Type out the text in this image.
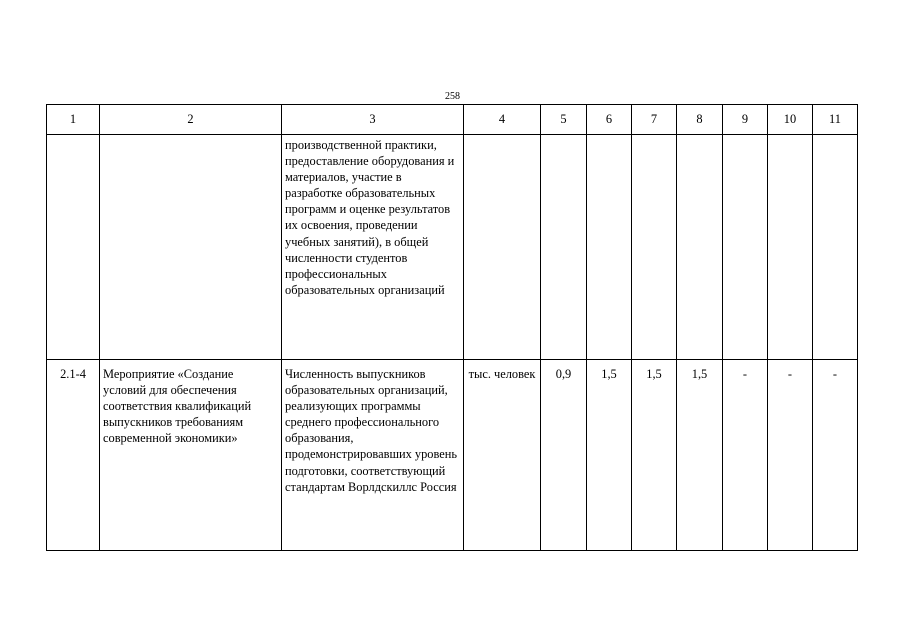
258
1	2	3	4	5	6	7	8	9	10	11
		производственной практики, предоставление оборудования и материалов, участие в разработке образовательных программ и оценке результатов их освоения, проведении учебных занятий), в общей численности студентов профессиональных образовательных организаций								
2.1-4	Мероприятие «Создание условий для обеспечения соответствия квалификаций выпускников требованиям современной экономики»	Численность выпускников образовательных организаций, реализующих программы среднего профессионального образования, продемонстрировавших уровень подготовки, соответствующий стандартам Ворлдскиллс Россия	тыс. человек	0,9	1,5	1,5	1,5	-	-	-
